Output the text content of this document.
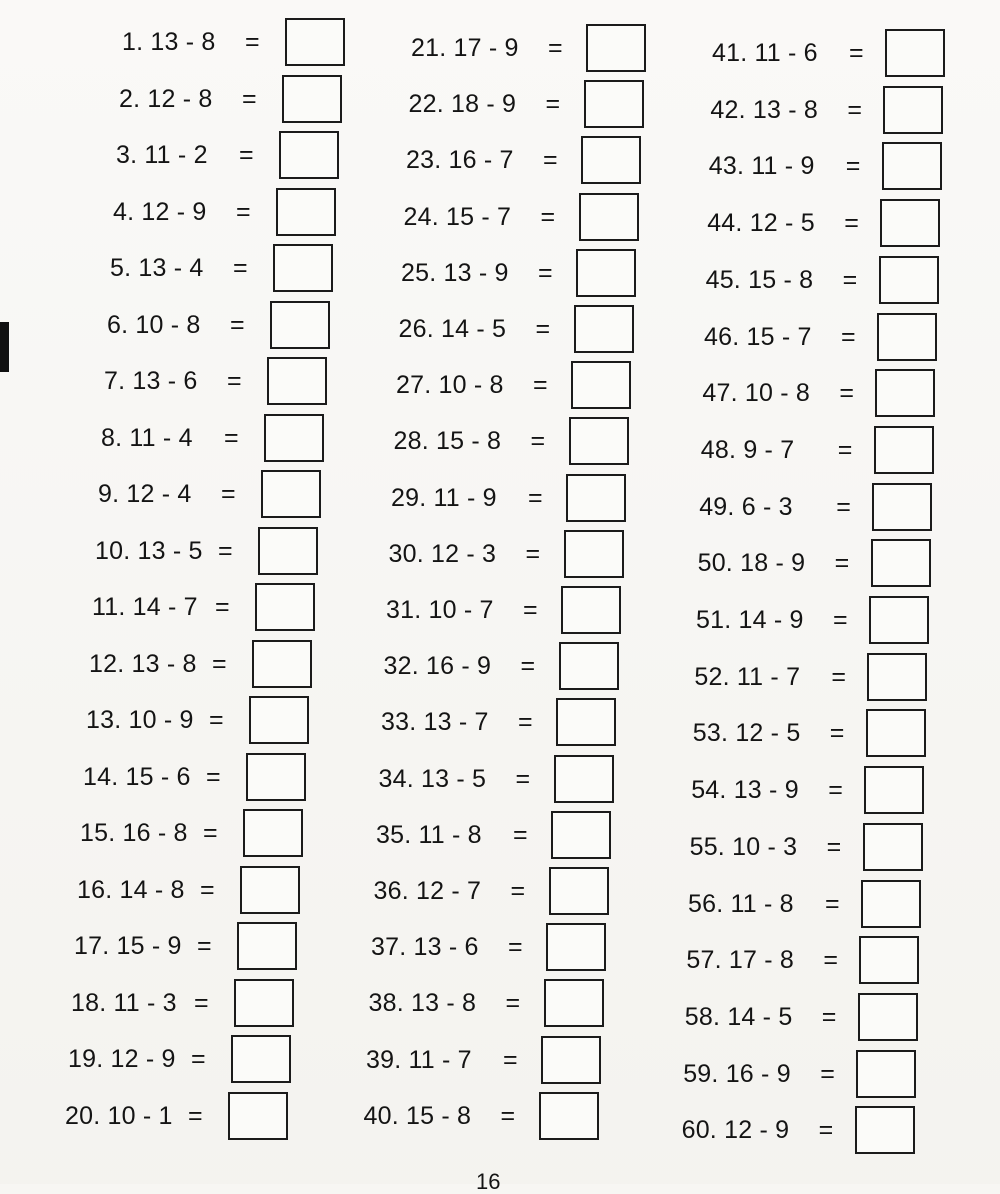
1. 13 - 8 =
2. 12 - 8 =
3. 11 - 2 =
4. 12 - 9 =
5. 13 - 4 =
6. 10 - 8 =
7. 13 - 6 =
8. 11 - 4 =
9. 12 - 4 =
10. 13 - 5 =
11. 14 - 7 =
12. 13 - 8 =
13. 10 - 9 =
14. 15 - 6 =
15. 16 - 8 =
16. 14 - 8 =
17. 15 - 9 =
18. 11 - 3 =
19. 12 - 9 =
20. 10 - 1 =
21. 17 - 9 =
22. 18 - 9 =
23. 16 - 7 =
24. 15 - 7 =
25. 13 - 9 =
26. 14 - 5 =
27. 10 - 8 =
28. 15 - 8 =
29. 11 - 9 =
30. 12 - 3 =
31. 10 - 7 =
32. 16 - 9 =
33. 13 - 7 =
34. 13 - 5 =
35. 11 - 8 =
36. 12 - 7 =
37. 13 - 6 =
38. 13 - 8 =
39. 11 - 7 =
40. 15 - 8 =
41. 11 - 6 =
42. 13 - 8 =
43. 11 - 9 =
44. 12 - 5 =
45. 15 - 8 =
46. 15 - 7 =
47. 10 - 8 =
48. 9 - 7 =
49. 6 - 3 =
50. 18 - 9 =
51. 14 - 9 =
52. 11 - 7 =
53. 12 - 5 =
54. 13 - 9 =
55. 10 - 3 =
56. 11 - 8 =
57. 17 - 8 =
58. 14 - 5 =
59. 16 - 9 =
60. 12 - 9 =
16
